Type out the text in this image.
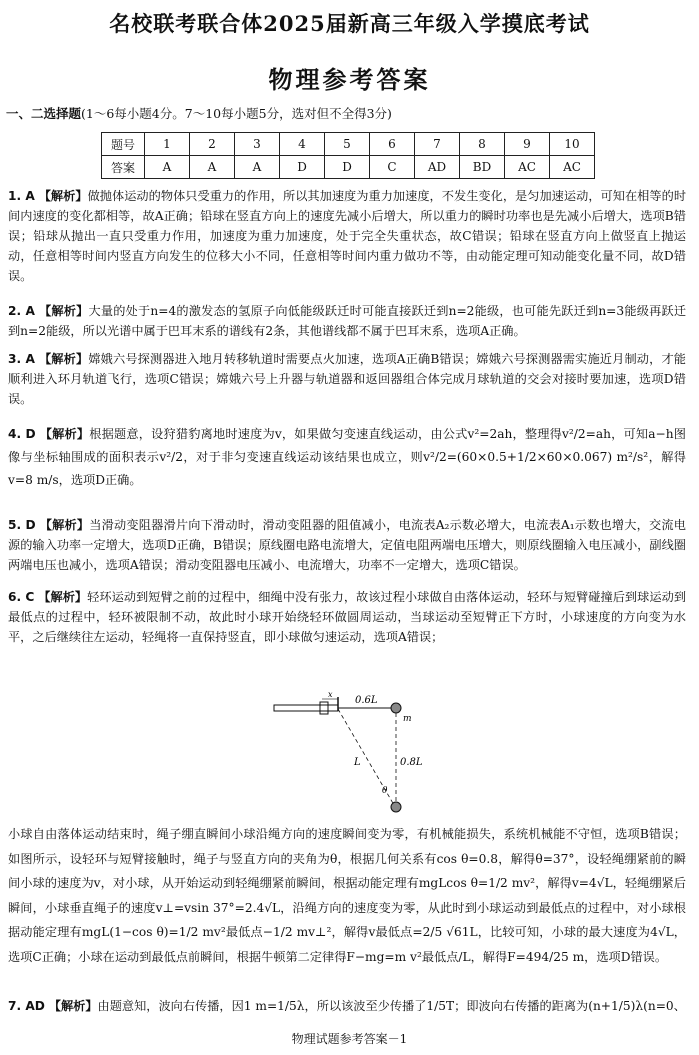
名校联考联合体2025届新高三年级入学摸底考试
物理参考答案
一、二选择题(1～6每小题4分。7～10每小题5分，选对但不全得3分)
题号	1	2	3	4	5	6	7	8	9	10
答案	A	A	A	D	D	C	AD	BD	AC	AC
1. A 【解析】做抛体运动的物体只受重力的作用，所以其加速度为重力加速度，不发生变化，是匀加速运动，可知在相等的时间内速度的变化都相等，故A正确；铅球在竖直方向上的速度先减小后增大，所以重力的瞬时功率也是先减小后增大，选项B错误；铅球从抛出一直只受重力作用，加速度为重力加速度，处于完全失重状态，故C错误；铅球在竖直方向上做竖直上抛运动，任意相等时间内竖直方向发生的位移大小不同，任意相等时间内重力做功不等，由动能定理可知动能变化量不同，故D错误。
2. A 【解析】大量的处于n=4的激发态的氢原子向低能级跃迁时可能直接跃迁到n=2能级，也可能先跃迁到n=3能级再跃迁到n=2能级，所以光谱中属于巴耳末系的谱线有2条，其他谱线都不属于巴耳末系，选项A正确。
3. A 【解析】嫦娥六号探测器进入地月转移轨道时需要点火加速，选项A正确B错误；嫦娥六号探测器需实施近月制动，才能顺利进入环月轨道飞行，选项C错误；嫦娥六号上升器与轨道器和返回器组合体完成月球轨道的交会对接时要加速，选项D错误。
4. D 【解析】根据题意，设狩猎豹离地时速度为v，如果做匀变速直线运动，由公式v²=2ah，整理得v²/2=ah，可知a−h图像与坐标轴围成的面积表示v²/2，对于非匀变速直线运动该结果也成立，则v²/2=(60×0.5+1/2×60×0.067) m²/s²，解得v=8 m/s，选项D正确。
5. D 【解析】当滑动变阻器滑片向下滑动时，滑动变阻器的阻值减小，电流表A₂示数必增大，电流表A₁示数也增大，交流电源的输入功率一定增大，选项D正确，B错误；原线圈电路电流增大，定值电阻两端电压增大，则原线圈输入电压减小，副线圈两端电压也减小，选项A错误；滑动变阻器电压减小、电流增大，功率不一定增大，选项C错误。
6. C 【解析】轻环运动到短臂之前的过程中，细绳中没有张力，故该过程小球做自由落体运动，轻环与短臂碰撞后到球运动到最低点的过程中，轻环被限制不动，故此时小球开始绕轻环做圆周运动，当球运动至短臂正下方时，小球速度的方向变为水平，之后继续往左运动，轻绳将一直保持竖直，即小球做匀速运动，选项A错误；
x
0.6L
m
0.8L
L
θ
小球自由落体运动结束时，绳子绷直瞬间小球沿绳方向的速度瞬间变为零，有机械能损失，系统机械能不守恒，选项B错误；如图所示，设轻环与短臂接触时，绳子与竖直方向的夹角为θ，根据几何关系有cos θ=0.8，解得θ=37°，设轻绳绷紧前的瞬间小球的速度为v，对小球，从开始运动到轻绳绷紧前瞬间，根据动能定理有mgLcos θ=1/2 mv²，解得v=4√L，轻绳绷紧后瞬间，小球垂直绳子的速度v⊥=vsin 37°=2.4√L，沿绳方向的速度变为零，从此时到小球运动到最低点的过程中，对小球根据动能定理有mgL(1−cos θ)=1/2 mv²最低点−1/2 mv⊥²，解得v最低点=2/5 √61L，比较可知，小球的最大速度为4√L，选项C正确；小球在运动到最低点前瞬间，根据牛顿第二定律得F−mg=m v²最低点/L，解得F=494/25 m，选项D错误。
7. AD 【解析】由题意知，波向右传播，因1 m=1/5λ，所以该波至少传播了1/5T；即波向右传播的距离为(n+1/5)λ(n=0、
物理试题参考答案－1
